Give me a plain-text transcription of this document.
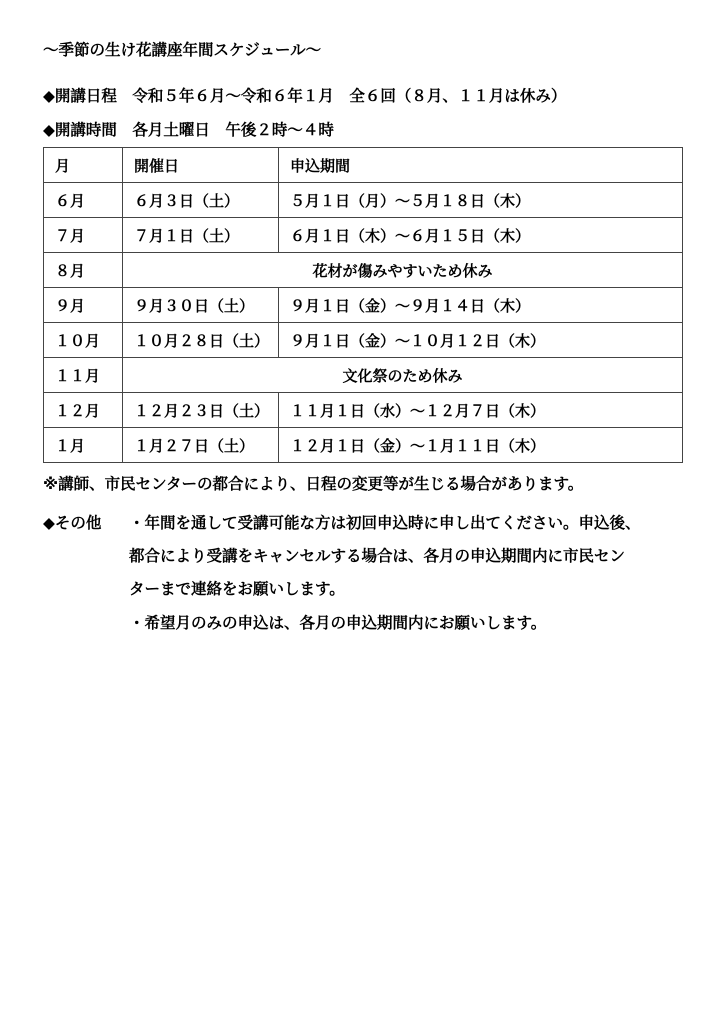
～季節の生け花講座年間スケジュール～
◆開講日程　令和５年６月～令和６年１月　全６回（８月、１１月は休み）
◆開講時間　各月土曜日　午後２時～４時
月	開催日	申込期間
６月	６月３日（土）	５月１日（月）～５月１８日（木）
７月	７月１日（土）	６月１日（木）～６月１５日（木）
８月	花材が傷みやすいため休み	
９月	９月３０日（土）	９月１日（金）～９月１４日（木）
１０月	１０月２８日（土）	９月１日（金）～１０月１２日（木）
１１月	文化祭のため休み	
１２月	１２月２３日（土）	１１月１日（水）～１２月７日（木）
１月	１月２７日（土）	１２月１日（金）～１月１１日（木）
※講師、市民センターの都合により、日程の変更等が生じる場合があります。
◆その他 ・年間を通して受講可能な方は初回申込時に申し出てください。申込後、
都合により受講をキャンセルする場合は、各月の申込期間内に市民セン
ターまで連絡をお願いします。
・希望月のみの申込は、各月の申込期間内にお願いします。
